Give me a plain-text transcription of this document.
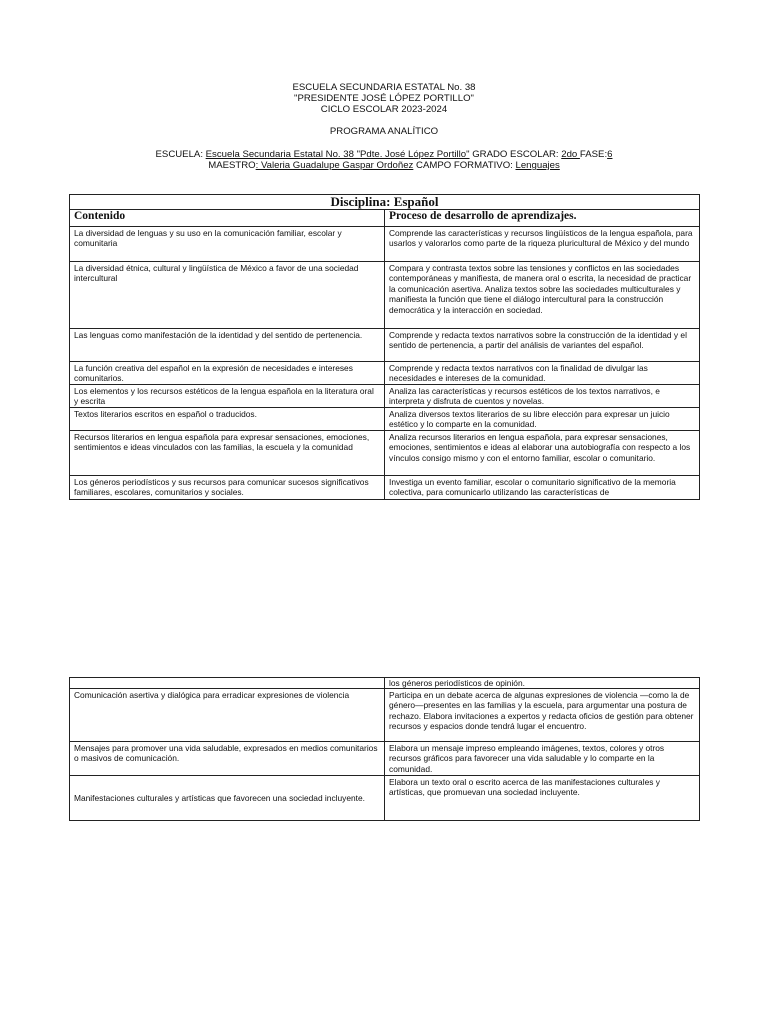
ESCUELA SECUNDARIA ESTATAL No. 38
"PRESIDENTE JOSÉ LÓPEZ PORTILLO"
CICLO ESCOLAR 2023-2024
PROGRAMA ANALÍTICO
ESCUELA: Escuela Secundaria Estatal No. 38 "Pdte. José López Portillo" GRADO ESCOLAR: 2do FASE:6
MAESTRO: Valeria Guadalupe Gaspar Ordoñez CAMPO FORMATIVO: Lenguajes
Disciplina: Español	
Contenido	Proceso de desarrollo de aprendizajes.
La diversidad de lenguas y su uso en la comunicación familiar, escolar y comunitaria	Comprende las características y recursos lingüísticos de la lengua española, para usarlos y valorarlos como parte de la riqueza pluricultural de México y del mundo
La diversidad étnica, cultural y lingüística de México a favor de una sociedad intercultural	Compara y contrasta textos sobre las tensiones y conflictos en las sociedades contemporáneas y manifiesta, de manera oral o escrita, la necesidad de practicar la comunicación asertiva. Analiza textos sobre las sociedades multiculturales y manifiesta la función que tiene el diálogo intercultural para la construcción democrática y la interacción en sociedad.
Las lenguas como manifestación de la identidad y del sentido de pertenencia.	Comprende y redacta textos narrativos sobre la construcción de la identidad y el sentido de pertenencia, a partir del análisis de variantes del español.
La función creativa del español en la expresión de necesidades e intereses comunitarios.	Comprende y redacta textos narrativos con la finalidad de divulgar las necesidades e intereses de la comunidad.
Los elementos y los recursos estéticos de la lengua española en la literatura oral y escrita	Analiza las características y recursos estéticos de los textos narrativos, e interpreta y disfruta de cuentos y novelas.
Textos literarios escritos en español o traducidos.	Analiza diversos textos literarios de su libre elección para expresar un juicio estético y lo comparte en la comunidad.
Recursos literarios en lengua española para expresar sensaciones, emociones, sentimientos e ideas vinculados con las familias, la escuela y la comunidad	Analiza recursos literarios en lengua española, para expresar sensaciones, emociones, sentimientos e ideas al elaborar una autobiografía con respecto a los vínculos consigo mismo y con el entorno familiar, escolar o comunitario.
Los géneros periodísticos y sus recursos para comunicar sucesos significativos familiares, escolares, comunitarios y sociales.	Investiga un evento familiar, escolar o comunitario significativo de la memoria colectiva, para comunicarlo utilizando las características de
	los géneros periodísticos de opinión.
Comunicación asertiva y dialógica para erradicar expresiones de violencia	Participa en un debate acerca de algunas expresiones de violencia —como la de género—presentes en las familias y la escuela, para argumentar una postura de rechazo. Elabora invitaciones a expertos y redacta oficios de gestión para obtener recursos y espacios donde tendrá lugar el encuentro.
Mensajes para promover una vida saludable, expresados en medios comunitarios o masivos de comunicación.	Elabora un mensaje impreso empleando imágenes, textos, colores y otros recursos gráficos para favorecer una vida saludable y lo comparte en la comunidad.
Manifestaciones culturales y artísticas que favorecen una sociedad incluyente.	Elabora un texto oral o escrito acerca de las manifestaciones culturales y artísticas, que promuevan una sociedad incluyente.
